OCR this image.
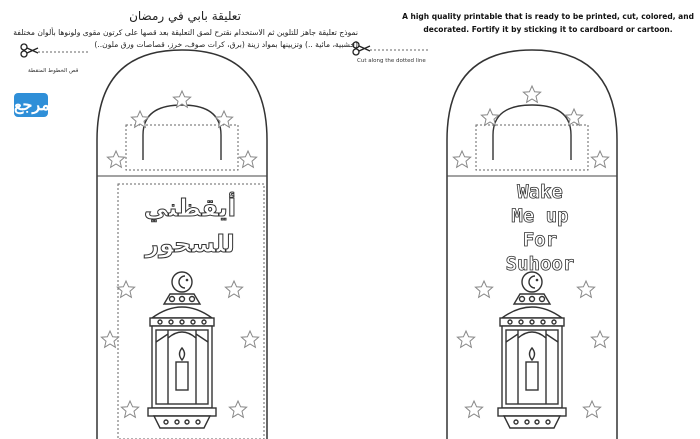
تعليقة بابي في رمضان
نموذج تعليقة جاهز للتلوين ثم الاستخدام نقترح لصق التعليقة بعد قصها على كرتون مقوى ولونوها بألوان مختلفة (خشبية، مائية ..) وتزيينها بمواد زينة (برق، كرات صوف، خرز، قصاصات ورق ملون..)
A high quality printable that is ready to be printed, cut, colored, and decorated. Fortify it by sticking it to cardboard or cartoon.
قص الخطوط المنقطة
Cut along the dotted line
مرجع
أيقظني
للسحور
Wake
Me up
For
Suhoor
